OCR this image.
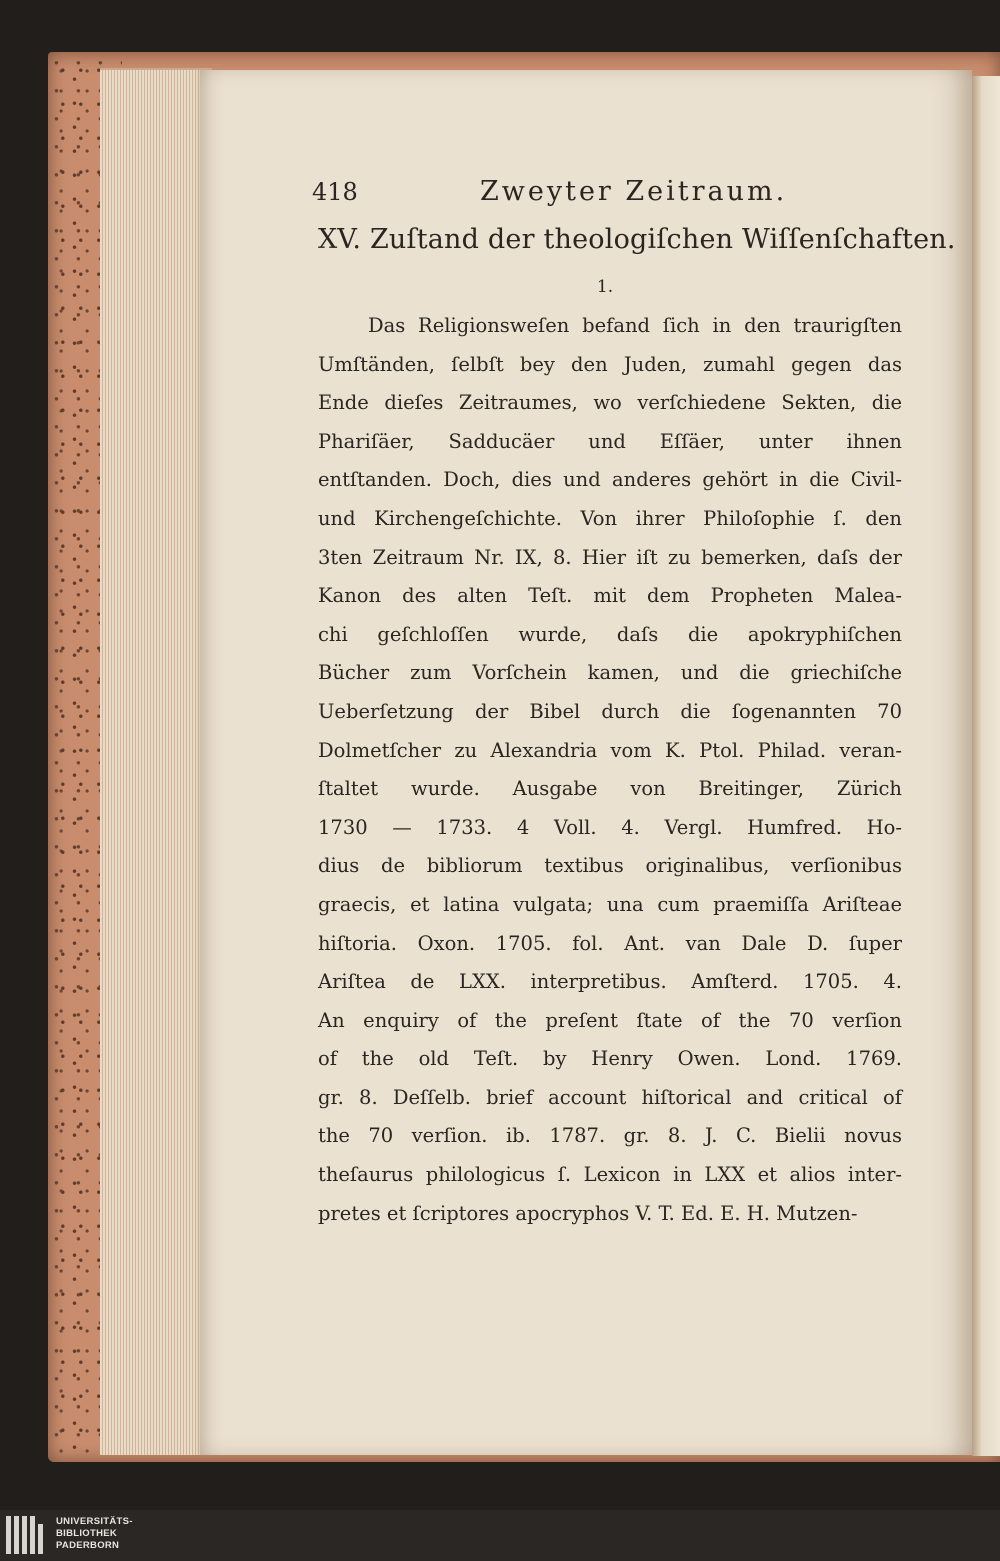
418	Zweyter Zeitraum.
XV. Zuſtand der theologiſchen Wiſſenſchaften.
1.
Das Religionsweſen befand ſich in den traurigſten
Umſtänden, ſelbſt bey den Juden, zumahl gegen das
Ende dieſes Zeitraumes, wo verſchiedene Sekten, die
Phariſäer, Sadducäer und Eſſäer, unter ihnen
entſtanden. Doch, dies und anderes gehört in die Civil-
und Kirchengeſchichte. Von ihrer Philoſophie ſ. den
3ten Zeitraum Nr. IX, 8. Hier iſt zu bemerken, daſs der
Kanon des alten Teſt. mit dem Propheten Malea-
chi geſchloſſen wurde, daſs die apokryphiſchen
Bücher zum Vorſchein kamen, und die griechiſche
Ueberſetzung der Bibel durch die ſogenannten 70
Dolmetſcher zu Alexandria vom K. Ptol. Philad. veran-
ſtaltet wurde. Ausgabe von Breitinger, Zürich
1730 — 1733. 4 Voll. 4. Vergl. Humfred. Ho-
dius de bibliorum textibus originalibus, verſionibus
graecis, et latina vulgata; una cum praemiſſa Ariſteae
hiſtoria. Oxon. 1705. fol. Ant. van Dale D. ſuper
Ariſtea de LXX. interpretibus. Amſterd. 1705. 4.
An enquiry of the preſent ſtate of the 70 verſion
of the old Teſt. by Henry Owen. Lond. 1769.
gr. 8. Deſſelb. brief account hiſtorical and critical of
the 70 verſion. ib. 1787. gr. 8. J. C. Bielii novus
theſaurus philologicus ſ. Lexicon in LXX et alios inter-
pretes et ſcriptores apocryphos V. T. Ed. E. H. Mutzen-
UNIVERSITÄTS-
BIBLIOTHEK
PADERBORN
